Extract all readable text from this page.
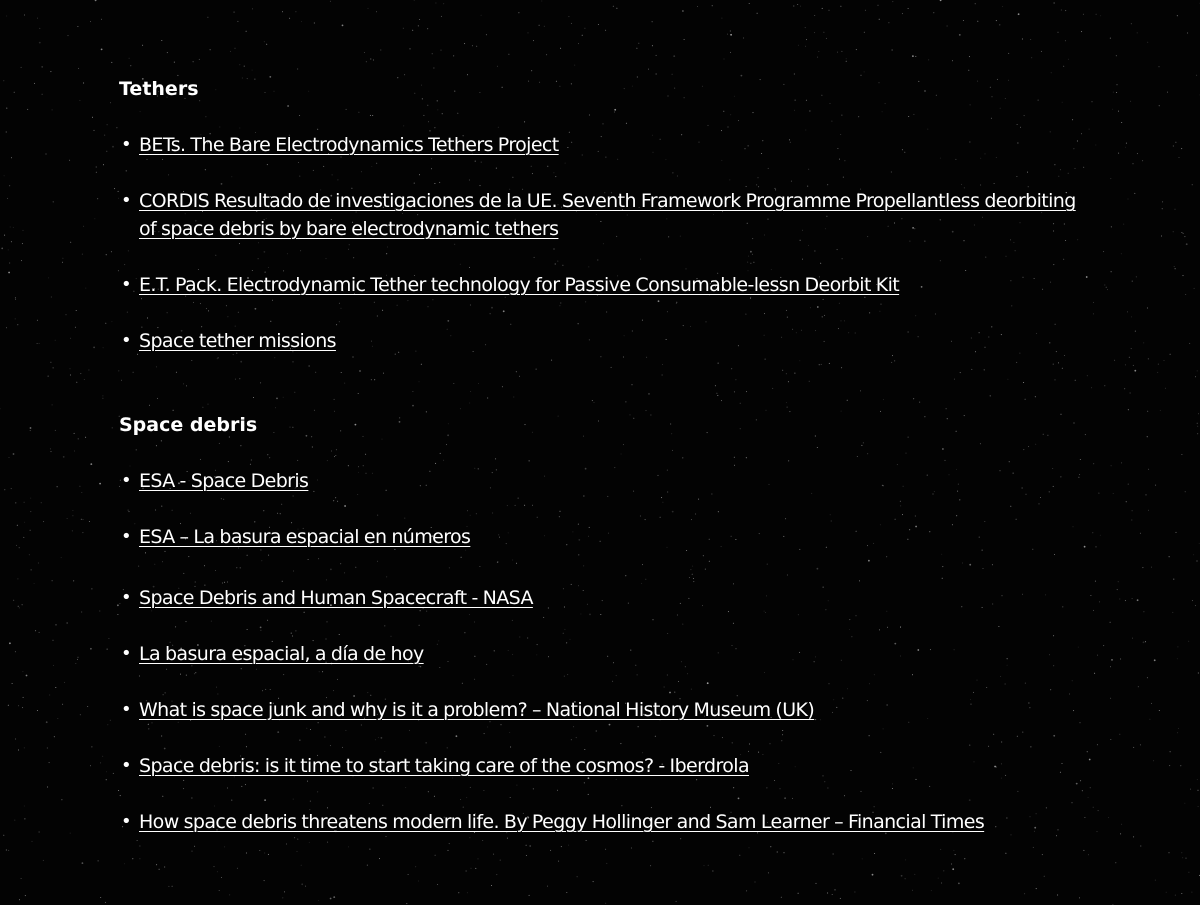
Tethers
• BETs. The Bare Electrodynamics Tethers Project
• CORDIS Resultado de investigaciones de la UE. Seventh Framework Programme Propellantless deorbiting of space debris by bare electrodynamic tethers
• E.T. Pack. Electrodynamic Tether technology for Passive Consumable-lessn Deorbit Kit
• Space tether missions
Space debris
• ESA - Space Debris
• ESA – La basura espacial en números
• Space Debris and Human Spacecraft - NASA
• La basura espacial, a día de hoy
• What is space junk and why is it a problem? – National History Museum (UK)
• Space debris: is it time to start taking care of the cosmos? - Iberdrola
• How space debris threatens modern life. By Peggy Hollinger and Sam Learner – Financial Times
